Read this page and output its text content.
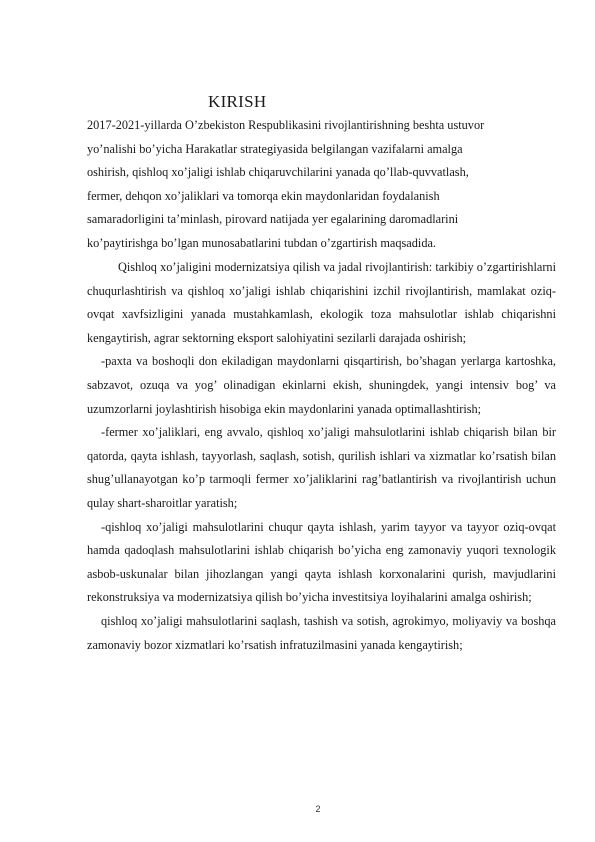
KIRISH
2017-2021-yillarda O’zbekiston Respublikasini rivojlantirishning beshta ustuvor
yo’nalishi bo’yicha Harakatlar strategiyasida belgilangan vazifalarni amalga
oshirish, qishloq xo’jaligi ishlab chiqaruvchilarini yanada qo’llab-quvvatlash,
fermer, dehqon xo’jaliklari va tomorqa ekin maydonlaridan foydalanish
samaradorligini ta’minlash, pirovard natijada yer egalarining daromadlarini
ko’paytirishga bo’lgan munosabatlarini tubdan o’zgartirish maqsadida.

Qishloq xo’jaligini modernizatsiya qilish va jadal rivojlantirish: tarkibiy o’zgartirishlarni chuqurlashtirish va qishloq xo’jaligi ishlab chiqarishini izchil rivojlantirish, mamlakat oziq-ovqat xavfsizligini yanada mustahkamlash, ekologik toza mahsulotlar ishlab chiqarishni kengaytirish, agrar sektorning eksport salohiyatini sezilarli darajada oshirish;

-paxta va boshoqli don ekiladigan maydonlarni qisqartirish, bo’shagan yerlarga kartoshka, sabzavot, ozuqa va yog’ olinadigan ekinlarni ekish, shuningdek, yangi intensiv bog’ va uzumzorlarni joylashtirish hisobiga ekin maydonlarini yanada optimallashtirish;

-fermer xo’jaliklari, eng avvalo, qishloq xo’jaligi mahsulotlarini ishlab chiqarish bilan bir qatorda, qayta ishlash, tayyorlash, saqlash, sotish, qurilish ishlari va xizmatlar ko’rsatish bilan shug’ullanayotgan ko’p tarmoqli fermer xo’jaliklarini rag’batlantirish va rivojlantirish uchun qulay shart-sharoitlar yaratish;

-qishloq xo’jaligi mahsulotlarini chuqur qayta ishlash, yarim tayyor va tayyor oziq-ovqat hamda qadoqlash mahsulotlarini ishlab chiqarish bo’yicha eng zamonaviy yuqori texnologik asbob-uskunalar bilan jihozlangan yangi qayta ishlash korxonalarini qurish, mavjudlarini rekonstruksiya va modernizatsiya qilish bo’yicha investitsiya loyihalarini amalga oshirish;

qishloq xo’jaligi mahsulotlarini saqlash, tashish va sotish, agrokimyo, moliyaviy va boshqa zamonaviy bozor xizmatlari ko’rsatish infratuzilmasini yanada kengaytirish;

2
